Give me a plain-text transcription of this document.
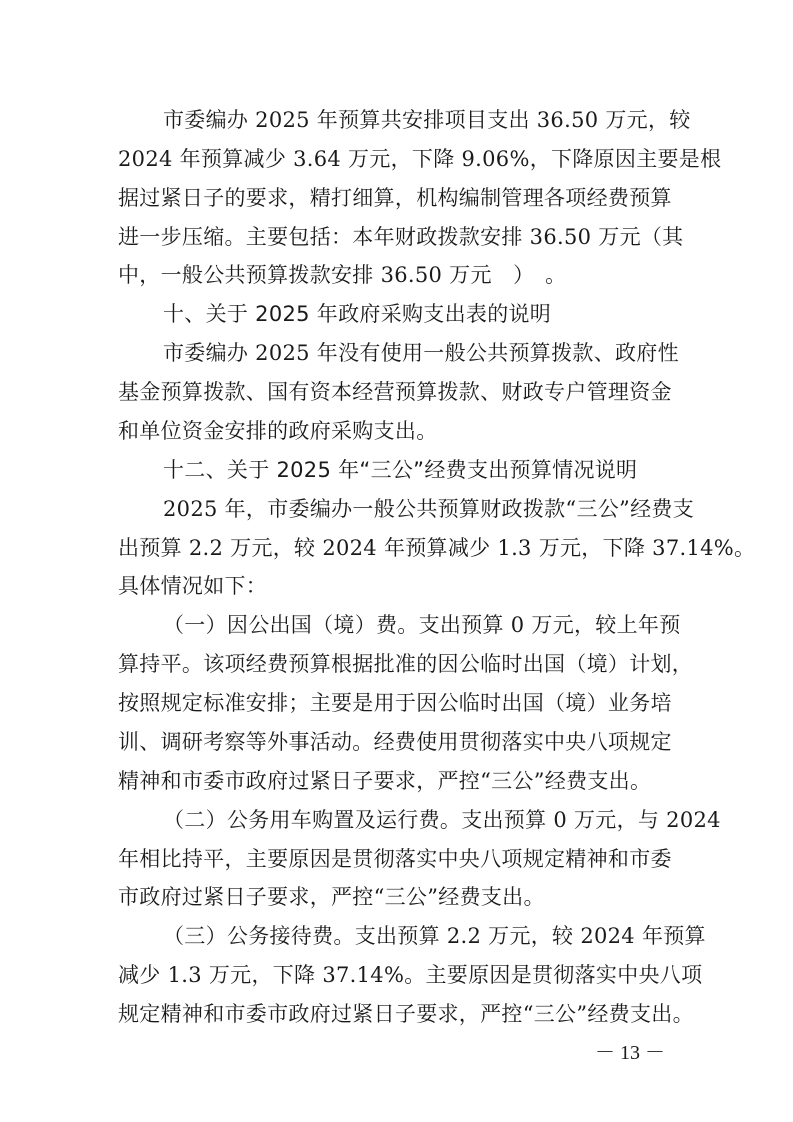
市委编办 2025 年预算共安排项目支出 36.50 万元，较
2024 年预算减少 3.64 万元，下降 9.06%，下降原因主要是根
据过紧日子的要求，精打细算，机构编制管理各项经费预算
进一步压缩。主要包括：本年财政拨款安排 36.50 万元（其
中，一般公共预算拨款安排 36.50 万元　）　。
十、关于 2025 年政府采购支出表的说明
市委编办 2025 年没有使用一般公共预算拨款、政府性
基金预算拨款、国有资本经营预算拨款、财政专户管理资金
和单位资金安排的政府采购支出。
十二、关于 2025 年“三公”经费支出预算情况说明
2025 年，市委编办一般公共预算财政拨款“三公”经费支
出预算 2.2 万元，较 2024 年预算减少 1.3 万元，下降 37.14%。
具体情况如下：
（一）因公出国（境）费。支出预算 0 万元，较上年预
算持平。该项经费预算根据批准的因公临时出国（境）计划，
按照规定标准安排；主要是用于因公临时出国（境）业务培
训、调研考察等外事活动。经费使用贯彻落实中央八项规定
精神和市委市政府过紧日子要求，严控“三公”经费支出。
（二）公务用车购置及运行费。支出预算 0 万元，与 2024
年相比持平，主要原因是贯彻落实中央八项规定精神和市委
市政府过紧日子要求，严控“三公”经费支出。
（三）公务接待费。支出预算 2.2 万元，较 2024 年预算
减少 1.3 万元，下降 37.14%。主要原因是贯彻落实中央八项
规定精神和市委市政府过紧日子要求，严控“三公”经费支出。
－ 13 －
